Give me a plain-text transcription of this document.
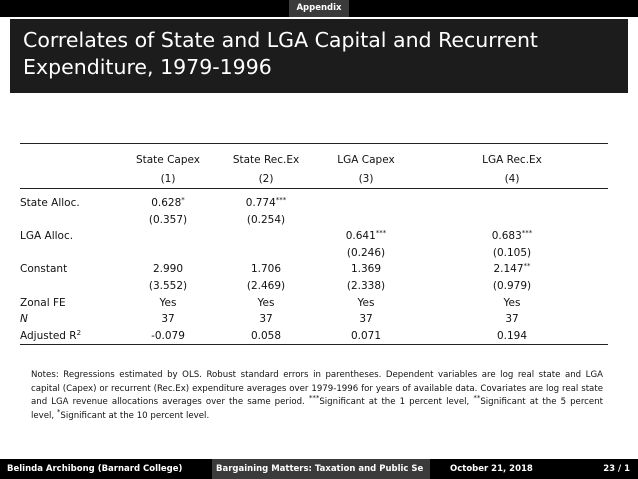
Appendix
Correlates of State and LGA Capital and Recurrent Expenditure, 1979-1996
	State Capex	State Rec.Ex	LGA Capex	LGA Rec.Ex
	(1)	(2)	(3)	(4)
State Alloc.	0.628*	0.774***		
	(0.357)	(0.254)		
LGA Alloc.			0.641***	0.683***
			(0.246)	(0.105)
Constant	2.990	1.706	1.369	2.147**
	(3.552)	(2.469)	(2.338)	(0.979)
Zonal FE	Yes	Yes	Yes	Yes
N	37	37	37	37
Adjusted $R^2$	-0.079	0.058	0.071	0.194
Notes: Regressions estimated by OLS. Robust standard errors in parentheses. Dependent variables are log real state and LGA capital (Capex) or recurrent (Rec.Ex) expenditure averages over 1979-1996 for years of available data. Covariates are log real state and LGA revenue allocations averages over the same period. ***Significant at the 1 percent level, **Significant at the 5 percent level, *Significant at the 10 percent level.
Belinda Archibong (Barnard College)	Bargaining Matters: Taxation and Public Se	October 21, 2018	23 / 1
